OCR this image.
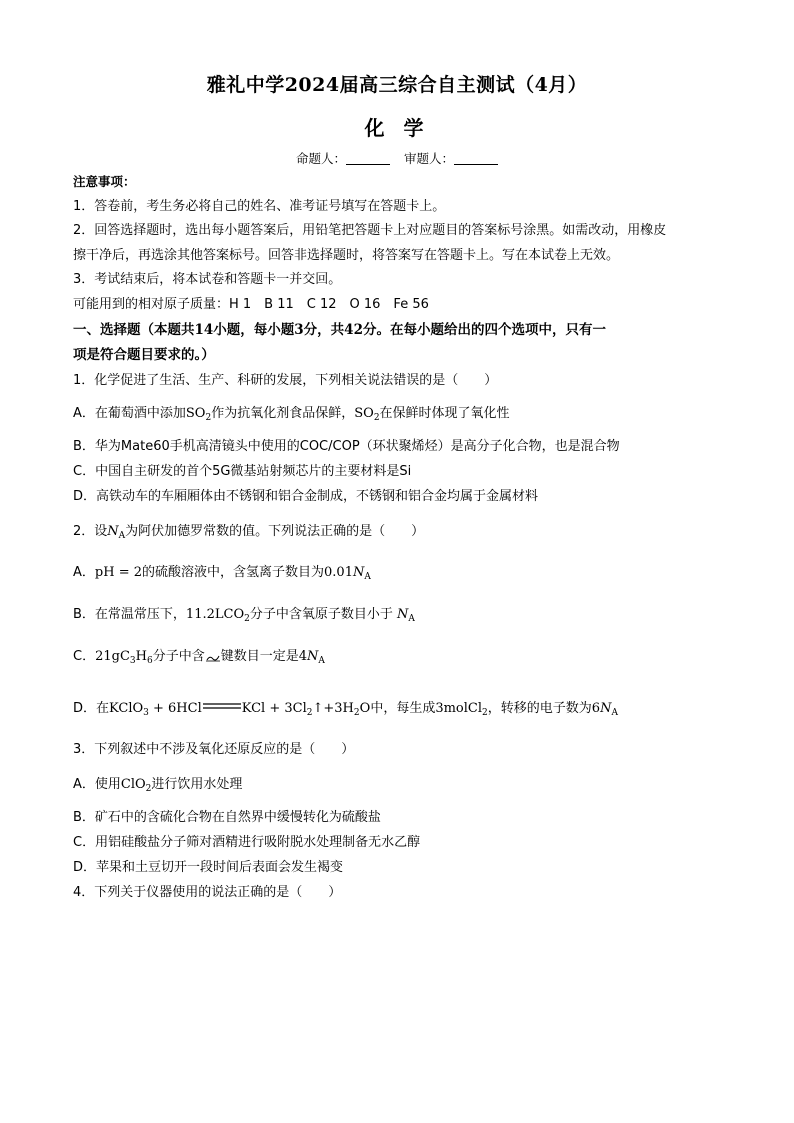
雅礼中学2024届高三综合自主测试（4月）
化 学
命题人：	审题人：
注意事项：
1．答卷前，考生务必将自己的姓名、准考证号填写在答题卡上。
2．回答选择题时，选出每小题答案后，用铅笔把答题卡上对应题目的答案标号涂黑。如需改动，用橡皮
擦干净后，再选涂其他答案标号。回答非选择题时，将答案写在答题卡上。写在本试卷上无效。
3．考试结束后，将本试卷和答题卡一并交回。
可能用到的相对原子质量：H 1　B 11　C 12　O 16　Fe 56
一、选择题（本题共14小题，每小题3分，共42分。在每小题给出的四个选项中，只有一
项是符合题目要求的。）
1．化学促进了生活、生产、科研的发展，下列相关说法错误的是（　　）
A．在葡萄酒中添加$SO_2$作为抗氧化剂食品保鲜，$SO_2$在保鲜时体现了氧化性
B．华为Mate60手机高清镜头中使用的COC/COP（环状聚烯烃）是高分子化合物，也是混合物
C．中国自主研发的首个5G微基站射频芯片的主要材料是Si
D．高铁动车的车厢厢体由不锈钢和铝合金制成，不锈钢和铝合金均属于金属材料
2．设$N_A$为阿伏加德罗常数的值。下列说法正确的是（　　）
A．pH = 2的硫酸溶液中，含氢离子数目为$0.01N_A$
B．在常温常压下，$11.2LCO_2$分子中含氧原子数目小于 $N_A$
C．$21gC_3H_6$分子中含 键数目一定是$4N_A$
D．在KClO$_3$ + 6HCl	KCl + $3Cl_2↑+3H_2O$中，每生成3molCl$_2$，转移的电子数为$6N_A$
3．下列叙述中不涉及氧化还原反应的是（　　）
A．使用ClO$_2$进行饮用水处理
B．矿石中的含硫化合物在自然界中缓慢转化为硫酸盐
C．用铝硅酸盐分子筛对酒精进行吸附脱水处理制备无水乙醇
D．苹果和土豆切开一段时间后表面会发生褐变
4．下列关于仪器使用的说法正确的是（　　）
